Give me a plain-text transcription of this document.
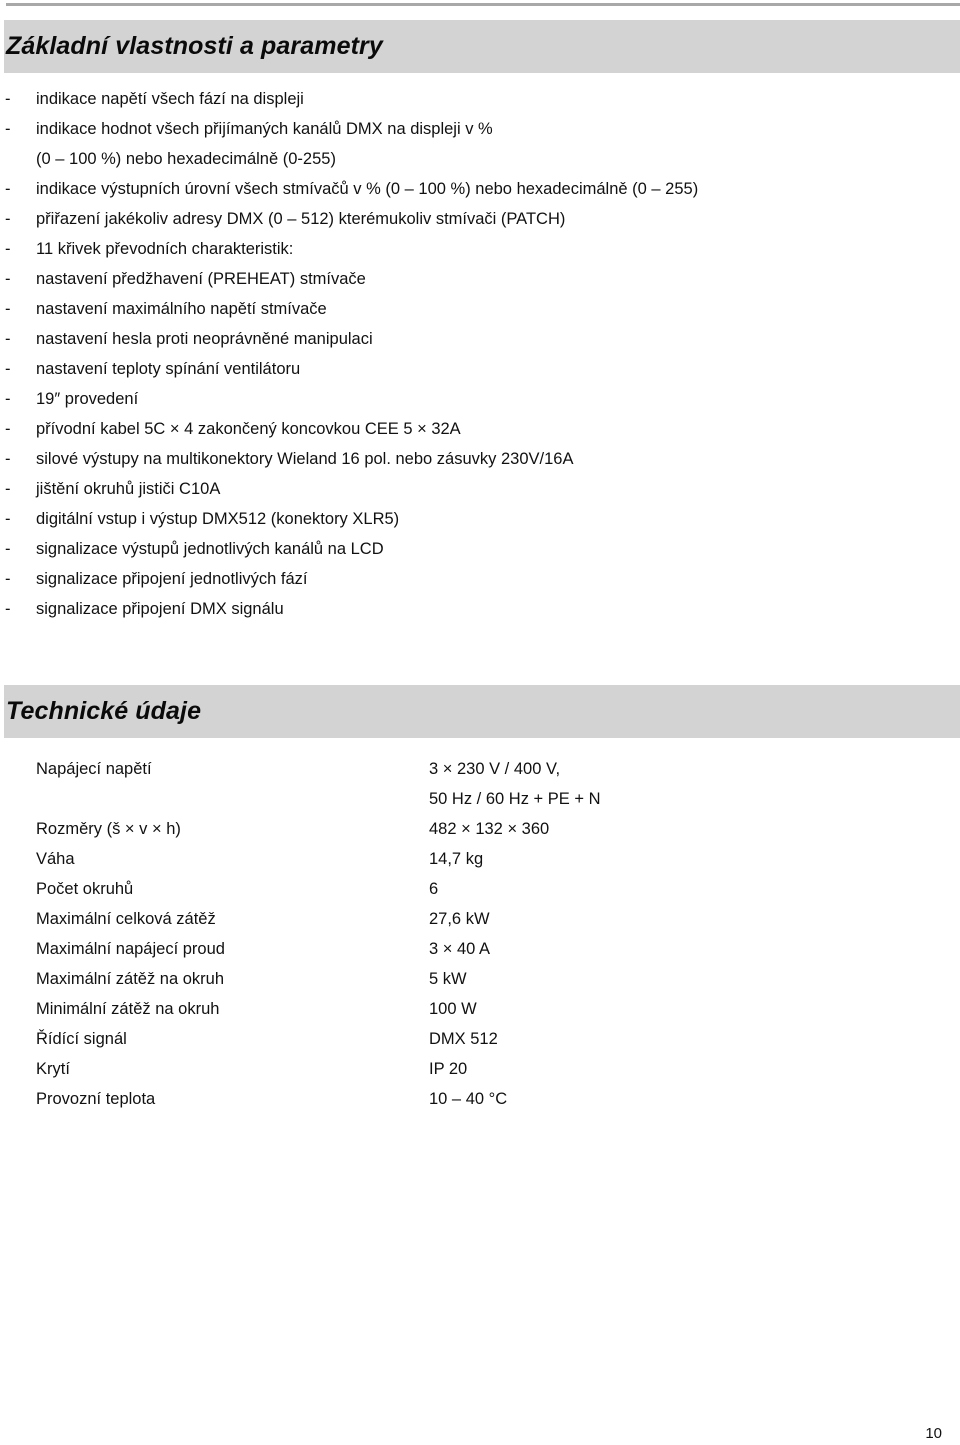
Základní vlastnosti a parametry
- indikace napětí všech fází na displeji
- indikace hodnot všech přijímaných kanálů DMX na displeji v %
(0 – 100 %) nebo hexadecimálně (0-255)
- indikace výstupních úrovní všech stmívačů v % (0 – 100 %) nebo hexadecimálně (0 – 255)
- přiřazení jakékoliv adresy DMX (0 – 512) kterémukoliv stmívači (PATCH)
- 11 křivek převodních charakteristik:
- nastavení předžhavení (PREHEAT) stmívače
- nastavení maximálního napětí stmívače
- nastavení hesla proti neoprávněné manipulaci
- nastavení teploty spínání ventilátoru
- 19″ provedení
- přívodní kabel 5C × 4 zakončený koncovkou CEE 5 × 32A
- silové výstupy na multikonektory Wieland 16 pol. nebo zásuvky 230V/16A
- jištění okruhů jističi C10A
- digitální vstup i výstup DMX512 (konektory XLR5)
- signalizace výstupů jednotlivých kanálů na LCD
- signalizace připojení jednotlivých fází
- signalizace připojení DMX signálu
Technické údaje
Napájecí napětí	3 × 230 V / 400 V,
50 Hz / 60 Hz + PE + N
Rozměry (š × v × h)	482 × 132 × 360
Váha	14,7 kg
Počet okruhů	6
Maximální celková zátěž	27,6 kW
Maximální napájecí proud	3 × 40 A
Maximální zátěž na okruh	5 kW
Minimální zátěž na okruh	100 W
Řídící signál	DMX 512
Krytí	IP 20
Provozní teplota	10 – 40 °C
10
